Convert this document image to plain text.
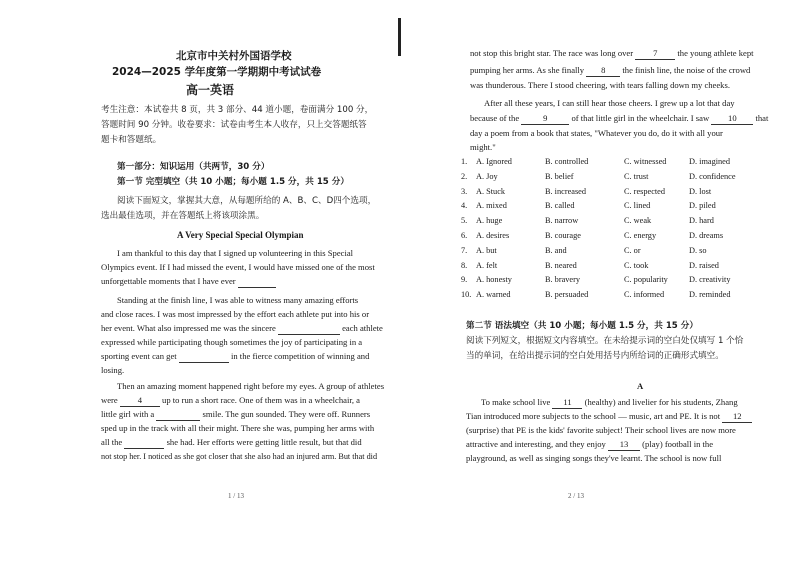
北京市中关村外国语学校
2024—2025 学年度第一学期期中考试试卷
高一英语
考生注意：本试卷共 8 页，共 3 部分、44 道小题，卷面满分 100 分，
答题时间 90 分钟。收卷要求：试卷由考生本人收存，只上交答题纸答
题卡和答题纸。
第一部分：知识运用（共两节，30 分）
第一节 完型填空（共 10 小题；每小题 1.5 分，共 15 分）
阅读下面短文，掌握其大意，从每题所给的 A、B、C、D四个选项，
选出最佳选项，并在答题纸上将该项涂黑。
A Very Special Special Olympian
I am thankful to this day that I signed up volunteering in this Special
Olympics event. If I had missed the event, I would have missed one of the most
unforgettable moments that I have ever
Standing at the finish line, I was able to witness many amazing efforts
and close races. I was most impressed by the effort each athlete put into his or
her event. What also impressed me was the sincere	each athlete
expressed while participating though sometimes the joy of participating in a
sporting event can get	in the fierce competition of winning and
losing.
Then an amazing moment happened right before my eyes. A group of athletes
were 4 up to run a short race. One of them was in a wheelchair, a
little girl with a	smile. The gun sounded. They were off. Runners
sped up in the track with all their might. There she was, pumping her arms with
all the	she had. Her efforts were getting little result, but that did
not stop her. I noticed as she got closer that she also had an injured arm. But that did
1 / 13
not stop this bright star. The race was long over 7 the young athlete kept
pumping her arms. As she finally 8 the finish line, the noise of the crowd
was thunderous. There I stood cheering, with tears falling down my cheeks.
After all these years, I can still hear those cheers. I grew up a lot that day
because of the	9	of that little girl in the wheelchair. I saw 10 that
day a poem from a book that states, "Whatever you do, do it with all your
might."
1. A. Ignored	B. controlled	C. witnessed	D. imagined
2. A. Joy	B. belief	C. trust	D. confidence
3. A. Stuck	B. increased	C. respected	D. lost
4. A. mixed	B. called	C. lined	D. piled
5. A. huge	B. narrow	C. weak	D. hard
6. A. desires	B. courage	C. energy	D. dreams
7. A. but	B. and	C. or	D. so
8. A. felt	B. neared	C. took	D. raised
9. A. honesty	B. bravery	C. popularity	D. creativity
10. A. warned	B. persuaded	C. informed	D. reminded
第二节 语法填空（共 10 小题；每小题 1.5 分，共 15 分）
阅读下列短文，根据短文内容填空。在未给提示词的空白处仅填写 1 个恰
当的单词，在给出提示词的空白处用括号内所给词的正确形式填空。
A
To make school live 11 (healthy) and livelier for his students, Zhang
Tian introduced more subjects to the school — music, art and PE. It is not 12
(surprise) that PE is the kids' favorite subject! Their school lives are now more
attractive and interesting, and they enjoy 13 (play) football in the
playground, as well as singing songs they've learnt. The school is now full
2 / 13
